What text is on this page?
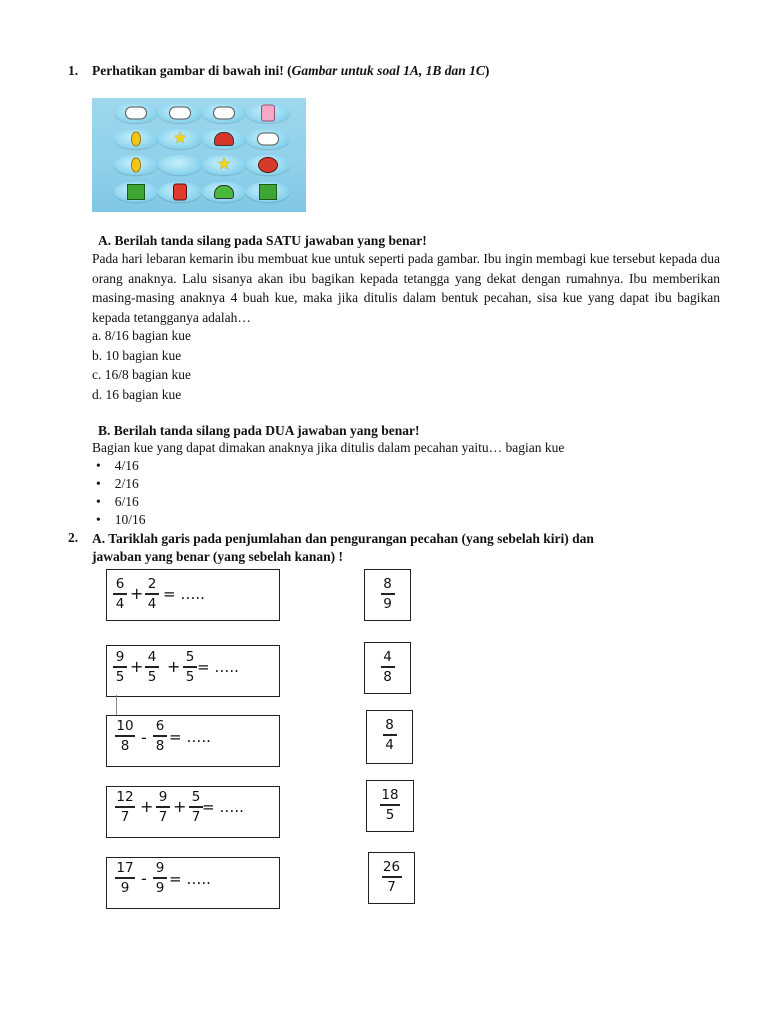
1. Perhatikan gambar di bawah ini! (Gambar untuk soal 1A, 1B dan 1C)
★
★
A. Berilah tanda silang pada SATU jawaban yang benar!
Pada hari lebaran kemarin ibu membuat kue untuk seperti pada gambar. Ibu ingin membagi kue tersebut kepada dua orang anaknya. Lalu sisanya akan ibu bagikan kepada tetangga yang dekat dengan rumahnya. Ibu memberikan masing-masing anaknya 4 buah kue, maka jika ditulis dalam bentuk pecahan, sisa kue yang dapat ibu bagikan kepada tetangganya adalah…
a. 8/16 bagian kue
b. 10 bagian kue
c. 16/8 bagian kue
d. 16 bagian kue
B. Berilah tanda silang pada DUA jawaban yang benar!
Bagian kue yang dapat dimakan anaknya jika ditulis dalam pecahan yaitu… bagian kue
• 4/16
• 2/16
• 6/16
• 10/16
2. A. Tariklah garis pada penjumlahan dan pengurangan pecahan (yang sebelah kiri) dan
jawaban yang benar (yang sebelah kanan) !
6
4
+ 2
4
= …..
9
5
+ 4
5
+ 5
5
= …..
10
8 -
6
8 = …..
12
7
+ 9
7
+ 5
7
= …..
17
9 -
9
9 = …..
8
9
4
8
8
4
18
5
26
7
